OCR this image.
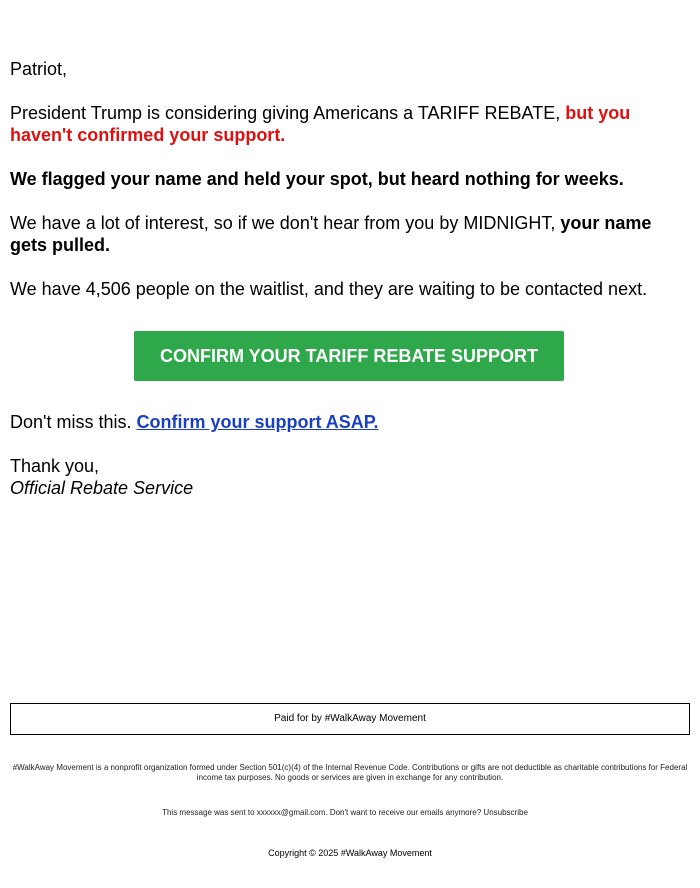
Patriot,

President Trump is considering giving Americans a TARIFF REBATE, but you haven't confirmed your support.

We flagged your name and held your spot, but heard nothing for weeks.

We have a lot of interest, so if we don't hear from you by MIDNIGHT, your name gets pulled.

We have 4,506 people on the waitlist, and they are waiting to be contacted next.

CONFIRM YOUR TARIFF REBATE SUPPORT

Don't miss this. Confirm your support ASAP.

Thank you,

Official Rebate Service

Paid for by #WalkAway Movement
#WalkAway Movement is a nonprofit organization formed under Section 501(c)(4) of the Internal Revenue Code. Contributions or gifts are not deductible as charitable contributions for Federal income tax purposes. No goods or services are given in exchange for any contribution.
This message was sent to xxxxxx@gmail.com. Don't want to receive our emails anymore? Unsubscribe
Copyright © 2025 #WalkAway Movement
